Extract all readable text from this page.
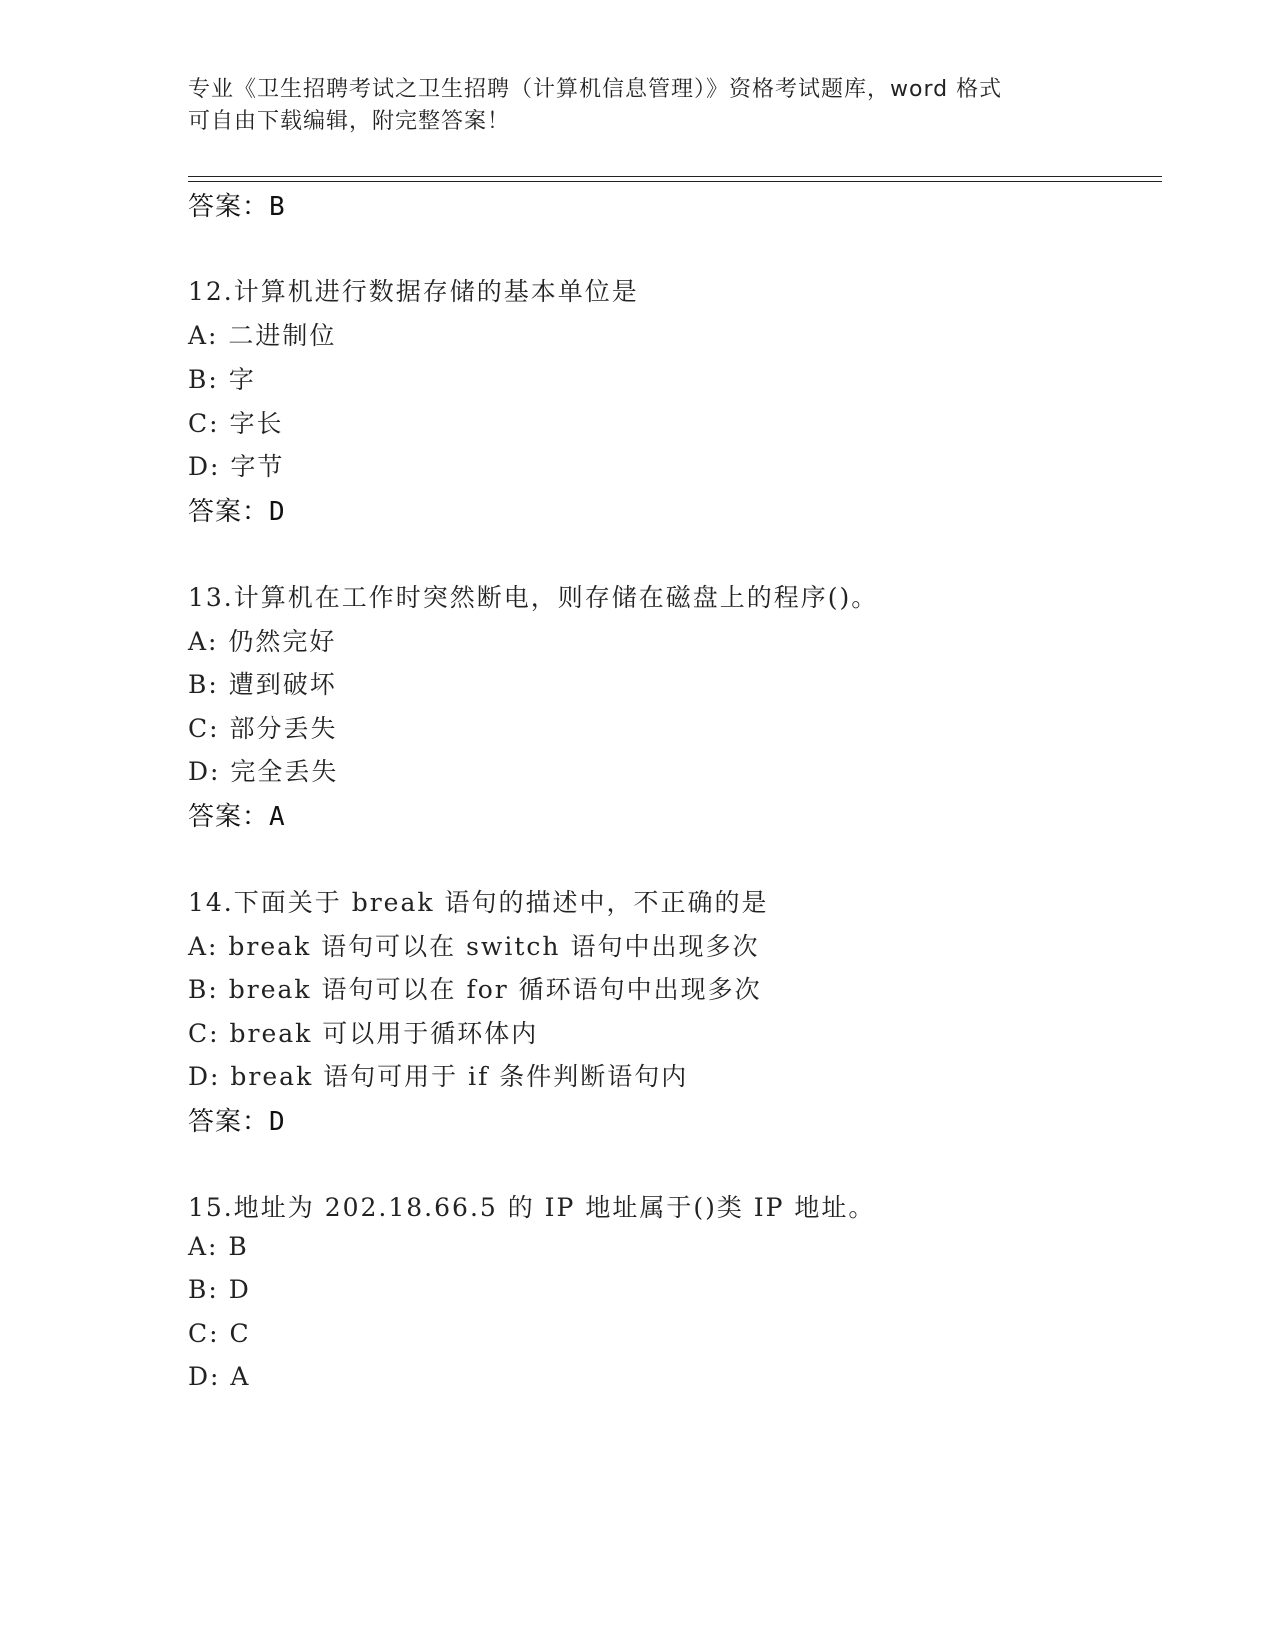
专业《卫生招聘考试之卫生招聘（计算机信息管理）》资格考试题库，word 格式
可自由下载编辑，附完整答案！
答案：B
12.计算机进行数据存储的基本单位是
A: 二进制位
B: 字
C: 字长
D: 字节
答案：D
13.计算机在工作时突然断电，则存储在磁盘上的程序()。
A: 仍然完好
B: 遭到破坏
C: 部分丢失
D: 完全丢失
答案：A
14.下面关于 break 语句的描述中，不正确的是
A: break 语句可以在 switch 语句中出现多次
B: break 语句可以在 for 循环语句中出现多次
C: break 可以用于循环体内
D: break 语句可用于 if 条件判断语句内
答案：D
15.地址为 202.18.66.5 的 IP 地址属于()类 IP 地址。
A: B
B: D
C: C
D: A
